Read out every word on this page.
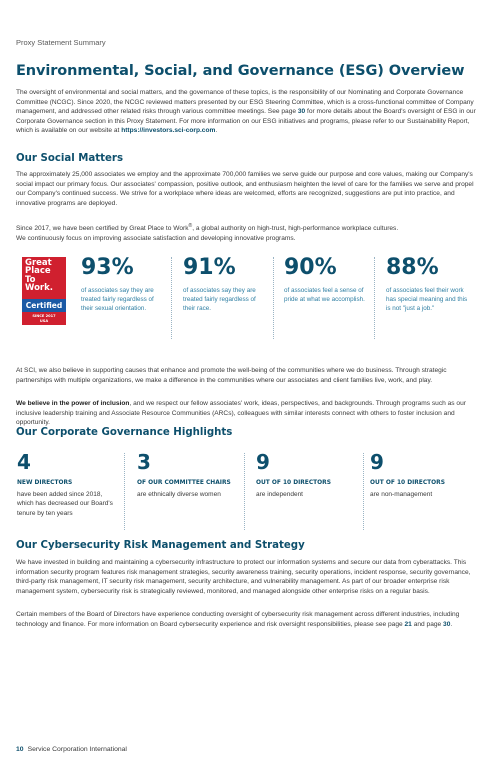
Proxy Statement Summary
Environmental, Social, and Governance (ESG) Overview

The oversight of environmental and social matters, and the governance of these topics, is the responsibility of our Nominating and Corporate Governance Committee (NCGC). Since 2020, the NCGC reviewed matters presented by our ESG Steering Committee, which is a cross-functional committee of Company management, and addressed other related risks through various committee meetings. See page 30 for more details about the Board's oversight of ESG in our Corporate Governance section in this Proxy Statement. For more information on our ESG initiatives and programs, please refer to our Sustainability Report, which is available on our website at https://investors.sci-corp.com.

Our Social Matters

The approximately 25,000 associates we employ and the approximate 700,000 families we serve guide our purpose and core values, making our Company's social impact our primary focus. Our associates' compassion, positive outlook, and enthusiasm heighten the level of care for the families we serve and propel our Company's continued success. We strive for a workplace where ideas are welcomed, efforts are recognized, suggestions are put into practice, and innovative programs are deployed.

Since 2017, we have been certified by Great Place to Work®, a global authority on high-trust, high-performance workplace cultures.
We continuously focus on improving associate satisfaction and developing innovative programs.

Great
Place
To
Work.
Certified
SINCE 2017
USA
93%
of associates say they are treated fairly regardless of their sexual orientation.
91%
of associates say they are treated fairly regardless of their race.
90%
of associates feel a sense of pride at what we accomplish.
88%
of associates feel their work has special meaning and this is not "just a job."

At SCI, we also believe in supporting causes that enhance and promote the well-being of the communities where we do business. Through strategic partnerships with multiple organizations, we make a difference in the communities where our associates and client families live, work, and play.

We believe in the power of inclusion, and we respect our fellow associates' work, ideas, perspectives, and backgrounds. Through programs such as our inclusive leadership training and Associate Resource Communities (ARCs), colleagues with similar interests connect with others to foster inclusion and opportunity.

Our Corporate Governance Highlights
4
NEW DIRECTORS
have been added since 2018, which has decreased our Board's tenure by ten years
3
OF OUR COMMITTEE CHAIRS
are ethnically diverse women
9
OUT OF 10 DIRECTORS
are independent
9
OUT OF 10 DIRECTORS
are non-management
Our Cybersecurity Risk Management and Strategy

We have invested in building and maintaining a cybersecurity infrastructure to protect our information systems and secure our data from cyberattacks. This information security program features risk management strategies, security awareness training, security operations, incident response, security governance, third-party risk management, IT security risk management, security architecture, and vulnerability management. As part of our broader enterprise risk management system, cybersecurity risk is strategically reviewed, monitored, and managed alongside other enterprise risks on a regular basis.

Certain members of the Board of Directors have experience conducting oversight of cybersecurity risk management across different industries, including technology and finance. For more information on Board cybersecurity experience and risk oversight responsibilities, please see page 21 and page 30.

10 Service Corporation International
